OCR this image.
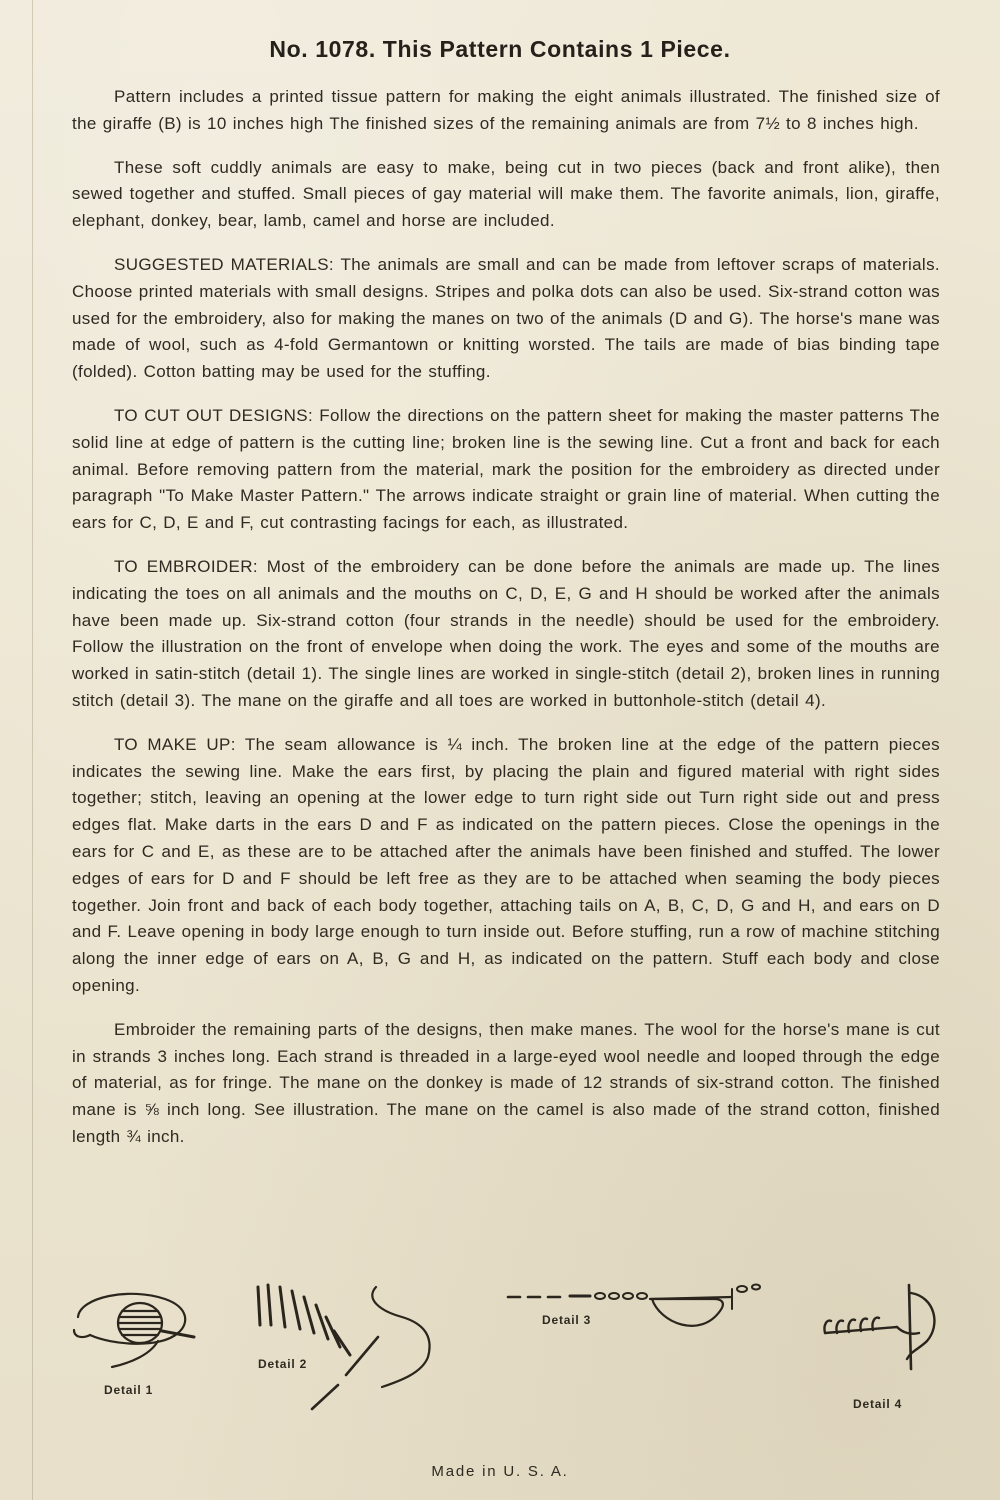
No. 1078. This Pattern Contains 1 Piece.

Pattern includes a printed tissue pattern for making the eight animals illustrated. The finished size of the giraffe (B) is 10 inches high The finished sizes of the remaining animals are from 7½ to 8 inches high.

These soft cuddly animals are easy to make, being cut in two pieces (back and front alike), then sewed together and stuffed. Small pieces of gay material will make them. The favorite animals, lion, giraffe, elephant, donkey, bear, lamb, camel and horse are included.

SUGGESTED MATERIALS: The animals are small and can be made from leftover scraps of materials. Choose printed materials with small designs. Stripes and polka dots can also be used. Six-strand cotton was used for the embroidery, also for making the manes on two of the animals (D and G). The horse's mane was made of wool, such as 4-fold Germantown or knitting worsted. The tails are made of bias binding tape (folded). Cotton batting may be used for the stuffing.

TO CUT OUT DESIGNS: Follow the directions on the pattern sheet for making the master patterns The solid line at edge of pattern is the cutting line; broken line is the sewing line. Cut a front and back for each animal. Before removing pattern from the material, mark the position for the embroidery as directed under paragraph "To Make Master Pattern." The arrows indicate straight or grain line of material. When cutting the ears for C, D, E and F, cut contrasting facings for each, as illustrated.

TO EMBROIDER: Most of the embroidery can be done before the animals are made up. The lines indicating the toes on all animals and the mouths on C, D, E, G and H should be worked after the animals have been made up. Six-strand cotton (four strands in the needle) should be used for the embroidery. Follow the illustration on the front of envelope when doing the work. The eyes and some of the mouths are worked in satin-stitch (detail 1). The single lines are worked in single-stitch (detail 2), broken lines in running stitch (detail 3). The mane on the giraffe and all toes are worked in buttonhole-stitch (detail 4).

TO MAKE UP: The seam allowance is ¼ inch. The broken line at the edge of the pattern pieces indicates the sewing line. Make the ears first, by placing the plain and figured material with right sides together; stitch, leaving an opening at the lower edge to turn right side out Turn right side out and press edges flat. Make darts in the ears D and F as indicated on the pattern pieces. Close the openings in the ears for C and E, as these are to be attached after the animals have been finished and stuffed. The lower edges of ears for D and F should be left free as they are to be attached when seaming the body pieces together. Join front and back of each body together, attaching tails on A, B, C, D, G and H, and ears on D and F. Leave opening in body large enough to turn inside out. Before stuffing, run a row of machine stitching along the inner edge of ears on A, B, G and H, as indicated on the pattern. Stuff each body and close opening.

Embroider the remaining parts of the designs, then make manes. The wool for the horse's mane is cut in strands 3 inches long. Each strand is threaded in a large-eyed wool needle and looped through the edge of material, as for fringe. The mane on the donkey is made of 12 strands of six-strand cotton. The finished mane is ⅝ inch long. See illustration. The mane on the camel is also made of the strand cotton, finished length ¾ inch.

Detail 1
Detail 2
Detail 3
Detail 4

Made in U. S. A.
